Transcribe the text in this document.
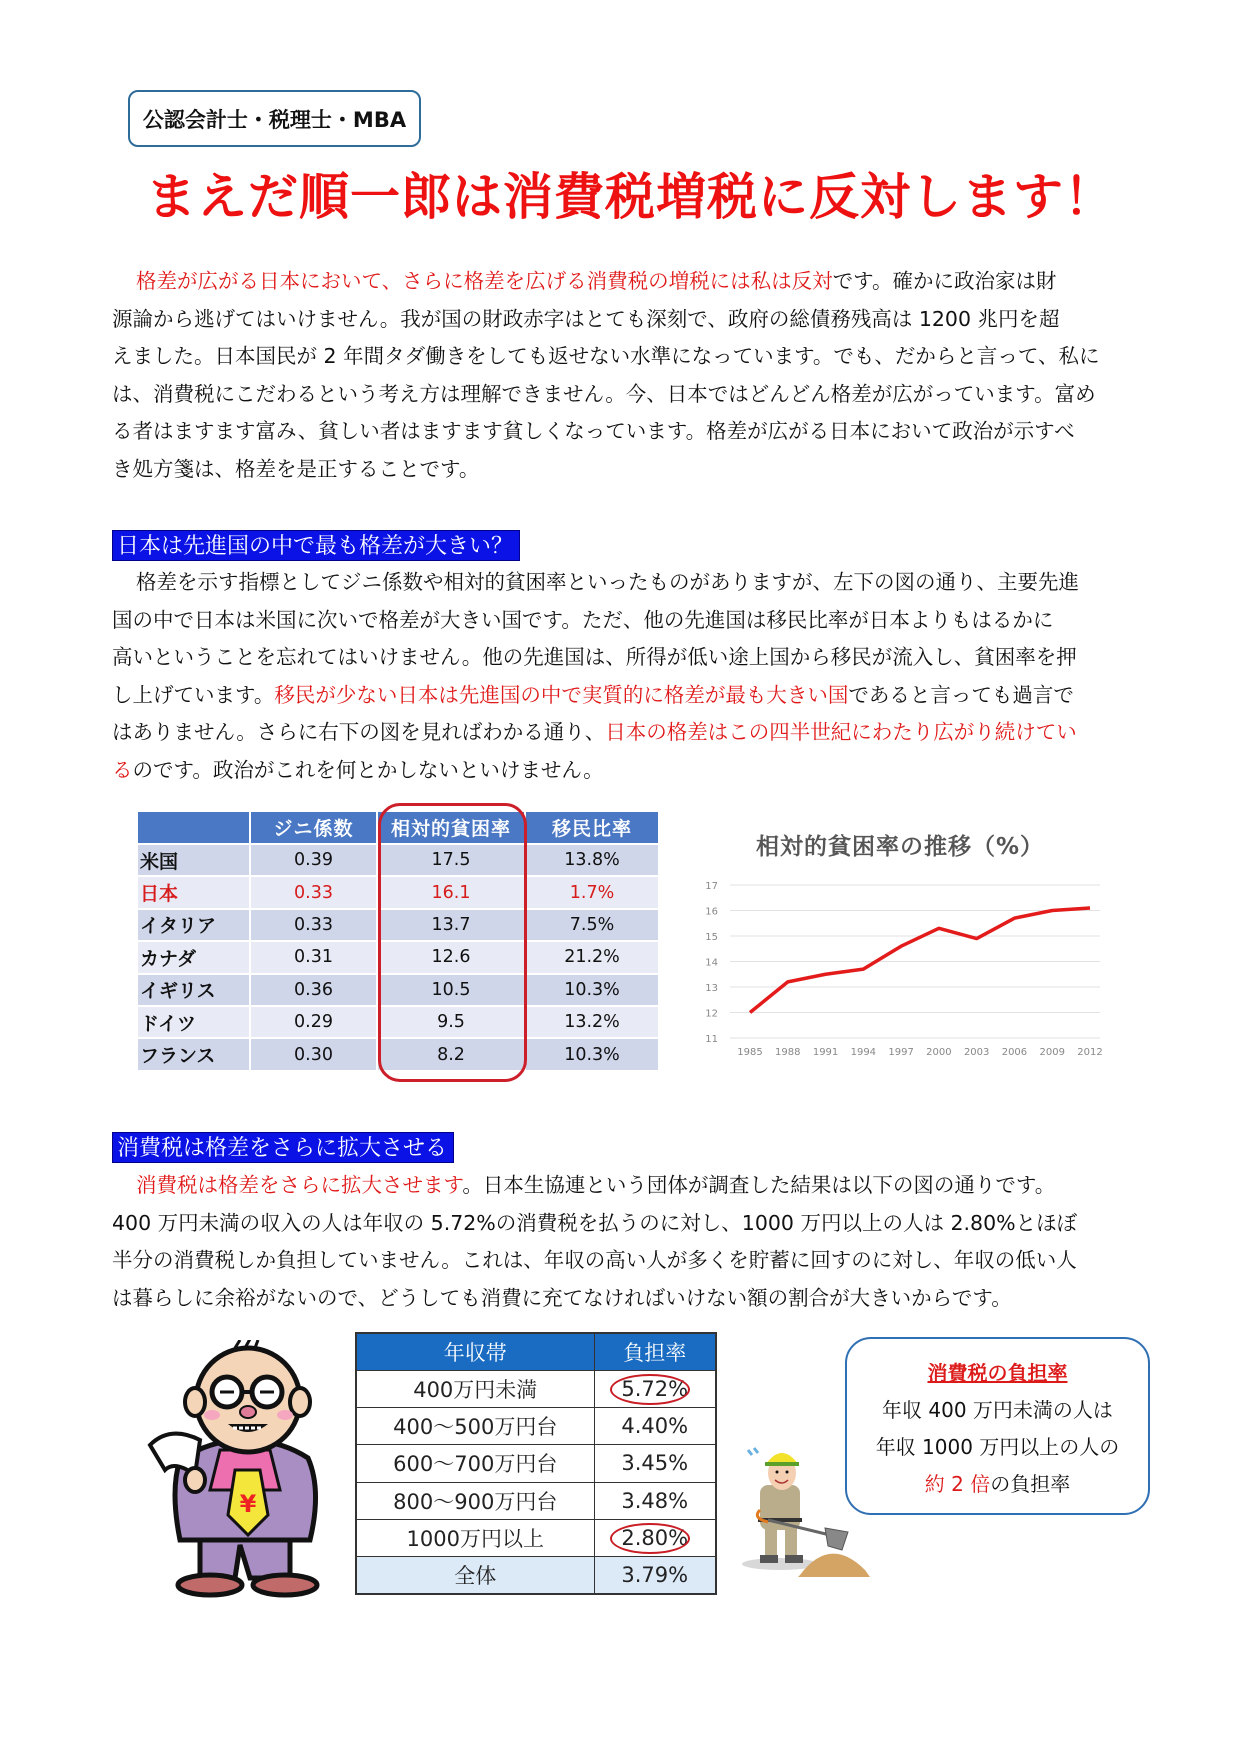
公認会計士・税理士・MBA
まえだ順一郎は消費税増税に反対します！
格差が広がる日本において、さらに格差を広げる消費税の増税には私は反対です。確かに政治家は財
源論から逃げてはいけません。我が国の財政赤字はとても深刻で、政府の総債務残高は 1200 兆円を超
えました。日本国民が 2 年間タダ働きをしても返せない水準になっています。でも、だからと言って、私に
は、消費税にこだわるという考え方は理解できません。今、日本ではどんどん格差が広がっています。富め
る者はますます富み、貧しい者はますます貧しくなっています。格差が広がる日本において政治が示すべ
き処方箋は、格差を是正することです。
日本は先進国の中で最も格差が大きい？
格差を示す指標としてジニ係数や相対的貧困率といったものがありますが、左下の図の通り、主要先進
国の中で日本は米国に次いで格差が大きい国です。ただ、他の先進国は移民比率が日本よりもはるかに
高いということを忘れてはいけません。他の先進国は、所得が低い途上国から移民が流入し、貧困率を押
し上げています。移民が少ない日本は先進国の中で実質的に格差が最も大きい国であると言っても過言で
はありません。さらに右下の図を見ればわかる通り、日本の格差はこの四半世紀にわたり広がり続けてい
るのです。政治がこれを何とかしないといけません。
	ジニ係数	相対的貧困率	移民比率
米国	0.39	17.5	13.8%
日本	0.33	16.1	1.7%
イタリア	0.33	13.7	7.5%
カナダ	0.31	12.6	21.2%
イギリス	0.36	10.5	10.3%
ドイツ	0.29	9.5	13.2%
フランス	0.30	8.2	10.3%
相対的貧困率の推移（%）
11
12
13
14
15
16
17
1985 1988 1991 1994 1997 2000 2003 2006 2009 2012
消費税は格差をさらに拡大させる
消費税は格差をさらに拡大させます。日本生協連という団体が調査した結果は以下の図の通りです。
400 万円未満の収入の人は年収の 5.72%の消費税を払うのに対し、1000 万円以上の人は 2.80%とほぼ
半分の消費税しか負担していません。これは、年収の高い人が多くを貯蓄に回すのに対し、年収の低い人
は暮らしに余裕がないので、どうしても消費に充てなければいけない額の割合が大きいからです。
¥
年収帯	負担率
400万円未満	5.72%
400～500万円台	4.40%
600～700万円台	3.45%
800～900万円台	3.48%
1000万円以上	2.80%
全体	3.79%
消費税の負担率
年収 400 万円未満の人は
年収 1000 万円以上の人の
約 2 倍の負担率
